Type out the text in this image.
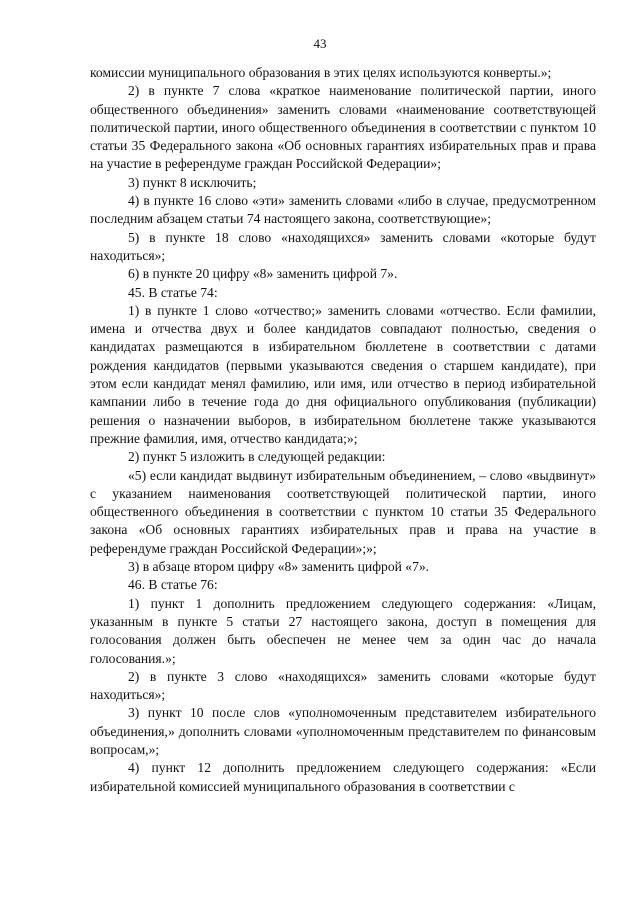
43

комиссии муниципального образования в этих целях используются конверты.»;

2) в пункте 7 слова «краткое наименование политической партии, иного общественного объединения» заменить словами «наименование соответствующей политической партии, иного общественного объединения в соответствии с пунктом 10 статьи 35 Федерального закона «Об основных гарантиях избирательных прав и права на участие в референдуме граждан Российской Федерации»;

3) пункт 8 исключить;

4) в пункте 16 слово «эти» заменить словами «либо в случае, предусмотренном последним абзацем статьи 74 настоящего закона, соответствующие»;

5) в пункте 18 слово «находящихся» заменить словами «которые будут находиться»;

6) в пункте 20 цифру «8» заменить цифрой 7».

45. В статье 74:

1) в пункте 1 слово «отчество;» заменить словами «отчество. Если фамилии, имена и отчества двух и более кандидатов совпадают полностью, сведения о кандидатах размещаются в избирательном бюллетене в соответствии с датами рождения кандидатов (первыми указываются сведения о старшем кандидате), при этом если кандидат менял фамилию, или имя, или отчество в период избирательной кампании либо в течение года до дня официального опубликования (публикации) решения о назначении выборов, в избирательном бюллетене также указываются прежние фамилия, имя, отчество кандидата;»;

2) пункт 5 изложить в следующей редакции:

«5) если кандидат выдвинут избирательным объединением, – слово «выдвинут» с указанием наименования соответствующей политической партии, иного общественного объединения в соответствии с пунктом 10 статьи 35 Федерального закона «Об основных гарантиях избирательных прав и права на участие в референдуме граждан Российской Федерации»;»;

3) в абзаце втором цифру «8» заменить цифрой «7».

46. В статье 76:

1) пункт 1 дополнить предложением следующего содержания: «Лицам, указанным в пункте 5 статьи 27 настоящего закона, доступ в помещения для голосования должен быть обеспечен не менее чем за один час до начала голосования.»;

2) в пункте 3 слово «находящихся» заменить словами «которые будут находиться»;

3) пункт 10 после слов «уполномоченным представителем избирательного объединения,» дополнить словами «уполномоченным представителем по финансовым вопросам,»;

4) пункт 12 дополнить предложением следующего содержания: «Если избирательной комиссией муниципального образования в соответствии с
